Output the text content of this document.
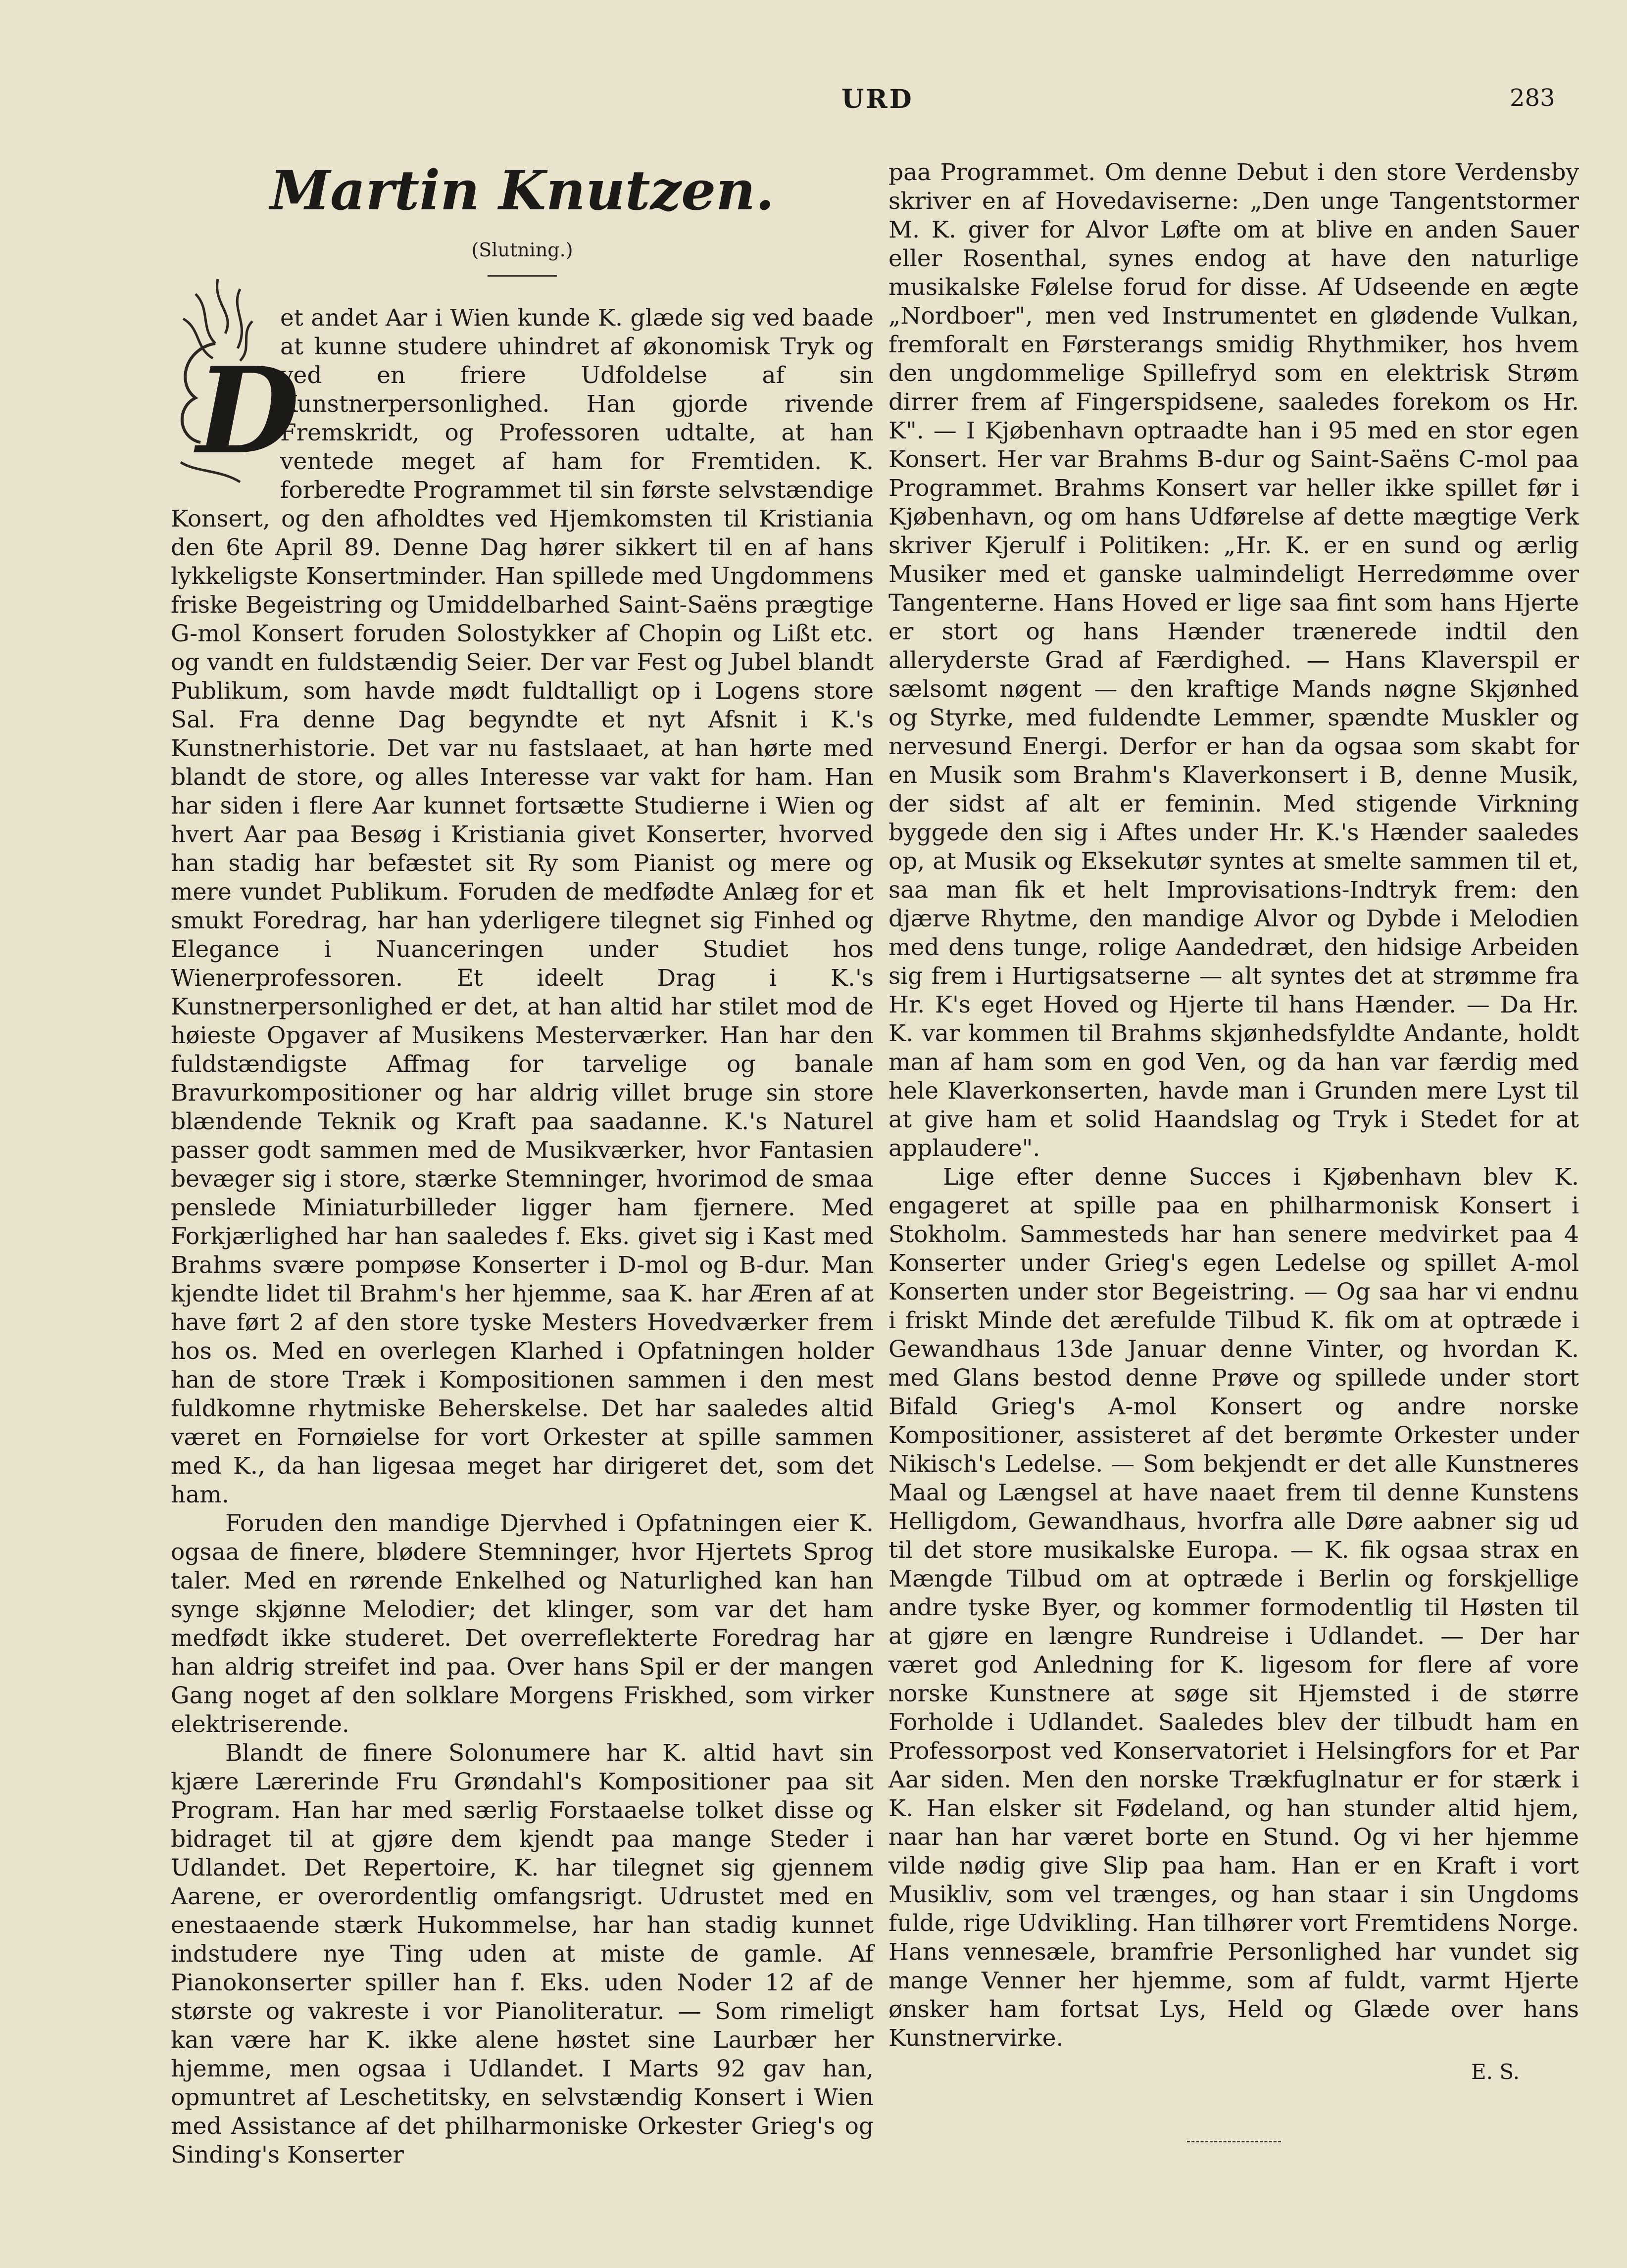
URD	283
Martin Knutzen.
(Slutning.)

D
et andet Aar i Wien kunde K. glæde sig ved baade at kunne studere uhindret af økonomisk Tryk og ved en friere Udfoldelse af sin Kunstnerpersonlighed. Han gjorde rivende Fremskridt, og Professoren udtalte, at han ventede meget af ham for Fremtiden. K. forberedte Programmet til sin første selvstændige Konsert, og den afholdtes ved Hjemkomsten til Kristiania den 6te April 89. Denne Dag hører sikkert til en af hans lykkeligste Konsertminder. Han spillede med Ungdommens friske Begeistring og Umiddelbarhed Saint-Saëns prægtige G-mol Konsert foruden Solostykker af Chopin og Lißt etc. og vandt en fuldstændig Seier. Der var Fest og Jubel blandt Publikum, som havde mødt fuldtalligt op i Logens store Sal. Fra denne Dag begyndte et nyt Afsnit i K.'s Kunstnerhistorie. Det var nu fastslaaet, at han hørte med blandt de store, og alles Interesse var vakt for ham. Han har siden i flere Aar kunnet fortsætte Studierne i Wien og hvert Aar paa Besøg i Kristiania givet Konserter, hvorved han stadig har befæstet sit Ry som Pianist og mere og mere vundet Publikum. Foruden de medfødte Anlæg for et smukt Foredrag, har han yderligere tilegnet sig Finhed og Elegance i Nuanceringen under Studiet hos Wienerprofessoren. Et ideelt Drag i K.'s Kunstnerpersonlighed er det, at han altid har stilet mod de høieste Opgaver af Musikens Mesterværker. Han har den fuldstændigste Affmag for tarvelige og banale Bravurkompositioner og har aldrig villet bruge sin store blændende Teknik og Kraft paa saadanne. K.'s Naturel passer godt sammen med de Musikværker, hvor Fantasien bevæger sig i store, stærke Stemninger, hvorimod de smaa penslede Miniaturbilleder ligger ham fjernere. Med Forkjærlighed har han saaledes f. Eks. givet sig i Kast med Brahms svære pompøse Konserter i D-mol og B-dur. Man kjendte lidet til Brahm's her hjemme, saa K. har Æren af at have ført 2 af den store tyske Mesters Hovedværker frem hos os. Med en overlegen Klarhed i Opfatningen holder han de store Træk i Kompositionen sammen i den mest fuldkomne rhytmiske Beherskelse. Det har saaledes altid været en Fornøielse for vort Orkester at spille sammen med K., da han ligesaa meget har dirigeret det, som det ham.

Foruden den mandige Djervhed i Opfatningen eier K. ogsaa de finere, blødere Stemninger, hvor Hjertets Sprog taler. Med en rørende Enkelhed og Naturlighed kan han synge skjønne Melodier; det klinger, som var det ham medfødt ikke studeret. Det overreflekterte Foredrag har han aldrig streifet ind paa. Over hans Spil er der mangen Gang noget af den solklare Morgens Friskhed, som virker elektriserende.

Blandt de finere Solonumere har K. altid havt sin kjære Lærerinde Fru Grøndahl's Kompositioner paa sit Program. Han har med særlig Forstaaelse tolket disse og bidraget til at gjøre dem kjendt paa mange Steder i Udlandet. Det Repertoire, K. har tilegnet sig gjennem Aarene, er overordentlig omfangsrigt. Udrustet med en enestaaende stærk Hukommelse, har han stadig kunnet indstudere nye Ting uden at miste de gamle. Af Pianokonserter spiller han f. Eks. uden Noder 12 af de største og vakreste i vor Pianoliteratur. — Som rimeligt kan være har K. ikke alene høstet sine Laurbær her hjemme, men ogsaa i Udlandet. I Marts 92 gav han, opmuntret af Leschetitsky, en selvstændig Konsert i Wien med Assistance af det philharmoniske Orkester Grieg's og Sinding's Konserter

paa Programmet. Om denne Debut i den store Verdensby skriver en af Hovedaviserne: „Den unge Tangentstormer M. K. giver for Alvor Løfte om at blive en anden Sauer eller Rosenthal, synes endog at have den naturlige musikalske Følelse forud for disse. Af Udseende en ægte „Nordboer", men ved Instrumentet en glødende Vulkan, fremforalt en Førsterangs smidig Rhythmiker, hos hvem den ungdommelige Spillefryd som en elektrisk Strøm dirrer frem af Fingerspidsene, saaledes forekom os Hr. K". — I Kjøbenhavn optraadte han i 95 med en stor egen Konsert. Her var Brahms B-dur og Saint-Saëns C-mol paa Programmet. Brahms Konsert var heller ikke spillet før i Kjøbenhavn, og om hans Udførelse af dette mægtige Verk skriver Kjerulf i Politiken: „Hr. K. er en sund og ærlig Musiker med et ganske ualmindeligt Herredømme over Tangenterne. Hans Hoved er lige saa fint som hans Hjerte er stort og hans Hænder trænerede indtil den alleryderste Grad af Færdighed. — Hans Klaverspil er sælsomt nøgent — den kraftige Mands nøgne Skjønhed og Styrke, med fuldendte Lemmer, spændte Muskler og nervesund Energi. Derfor er han da ogsaa som skabt for en Musik som Brahm's Klaverkonsert i B, denne Musik, der sidst af alt er feminin. Med stigende Virkning byggede den sig i Aftes under Hr. K.'s Hænder saaledes op, at Musik og Eksekutør syntes at smelte sammen til et, saa man fik et helt Improvisations-Indtryk frem: den djærve Rhytme, den mandige Alvor og Dybde i Melodien med dens tunge, rolige Aandedræt, den hidsige Arbeiden sig frem i Hurtigsatserne — alt syntes det at strømme fra Hr. K's eget Hoved og Hjerte til hans Hænder. — Da Hr. K. var kommen til Brahms skjønhedsfyldte Andante, holdt man af ham som en god Ven, og da han var færdig med hele Klaverkonserten, havde man i Grunden mere Lyst til at give ham et solid Haandslag og Tryk i Stedet for at applaudere".

Lige efter denne Succes i Kjøbenhavn blev K. engageret at spille paa en philharmonisk Konsert i Stokholm. Sammesteds har han senere medvirket paa 4 Konserter under Grieg's egen Ledelse og spillet A-mol Konserten under stor Begeistring. — Og saa har vi endnu i friskt Minde det ærefulde Tilbud K. fik om at optræde i Gewandhaus 13de Januar denne Vinter, og hvordan K. med Glans bestod denne Prøve og spillede under stort Bifald Grieg's A-mol Konsert og andre norske Kompositioner, assisteret af det berømte Orkester under Nikisch's Ledelse. — Som bekjendt er det alle Kunstneres Maal og Længsel at have naaet frem til denne Kunstens Helligdom, Gewandhaus, hvorfra alle Døre aabner sig ud til det store musikalske Europa. — K. fik ogsaa strax en Mængde Tilbud om at optræde i Berlin og forskjellige andre tyske Byer, og kommer formodentlig til Høsten til at gjøre en længre Rundreise i Udlandet. — Der har været god Anledning for K. ligesom for flere af vore norske Kunstnere at søge sit Hjemsted i de større Forholde i Udlandet. Saaledes blev der tilbudt ham en Professorpost ved Konservatoriet i Helsingfors for et Par Aar siden. Men den norske Trækfuglnatur er for stærk i K. Han elsker sit Fødeland, og han stunder altid hjem, naar han har været borte en Stund. Og vi her hjemme vilde nødig give Slip paa ham. Han er en Kraft i vort Musikliv, som vel trænges, og han staar i sin Ungdoms fulde, rige Udvikling. Han tilhører vort Fremtidens Norge. Hans vennesæle, bramfrie Personlighed har vundet sig mange Venner her hjemme, som af fuldt, varmt Hjerte ønsker ham fortsat Lys, Held og Glæde over hans Kunstnervirke.

E. S.
